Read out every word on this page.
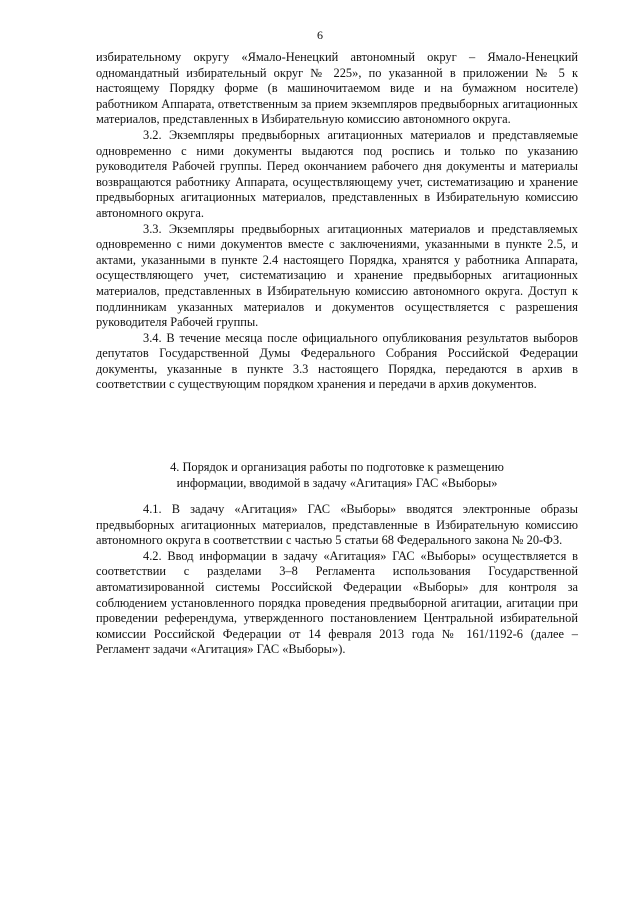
6

избирательному округу «Ямало-Ненецкий автономный округ – Ямало-Ненецкий одномандатный избирательный округ № 225», по указанной в приложении № 5 к настоящему Порядку форме (в машиночитаемом виде и на бумажном носителе) работником Аппарата, ответственным за прием экземпляров предвыборных агитационных материалов, представленных в Избирательную комиссию автономного округа.

3.2. Экземпляры предвыборных агитационных материалов и представляемые одновременно с ними документы выдаются под роспись и только по указанию руководителя Рабочей группы. Перед окончанием рабочего дня документы и материалы возвращаются работнику Аппарата, осуществляющему учет, систематизацию и хранение предвыборных агитационных материалов, представленных в Избирательную комиссию автономного округа.

3.3. Экземпляры предвыборных агитационных материалов и представляемых одновременно с ними документов вместе с заключениями, указанными в пункте 2.5, и актами, указанными в пункте 2.4 настоящего Порядка, хранятся у работника Аппарата, осуществляющего учет, систематизацию и хранение предвыборных агитационных материалов, представленных в Избирательную комиссию автономного округа. Доступ к подлинникам указанных материалов и документов осуществляется с разрешения руководителя Рабочей группы.

3.4. В течение месяца после официального опубликования результатов выборов депутатов Государственной Думы Федерального Собрания Российской Федерации документы, указанные в пункте 3.3 настоящего Порядка, передаются в архив в соответствии с существующим порядком хранения и передачи в архив документов.

4. Порядок и организация работы по подготовке к размещению
информации, вводимой в задачу «Агитация» ГАС «Выборы»

4.1. В задачу «Агитация» ГАС «Выборы» вводятся электронные образы предвыборных агитационных материалов, представленные в Избирательную комиссию автономного округа в соответствии с частью 5 статьи 68 Федерального закона № 20-ФЗ.

4.2. Ввод информации в задачу «Агитация» ГАС «Выборы» осуществляется в соответствии с разделами 3–8 Регламента использования Государственной автоматизированной системы Российской Федерации «Выборы» для контроля за соблюдением установленного порядка проведения предвыборной агитации, агитации при проведении референдума, утвержденного постановлением Центральной избирательной комиссии Российской Федерации от 14 февраля 2013 года № 161/1192-6 (далее – Регламент задачи «Агитация» ГАС «Выборы»).
